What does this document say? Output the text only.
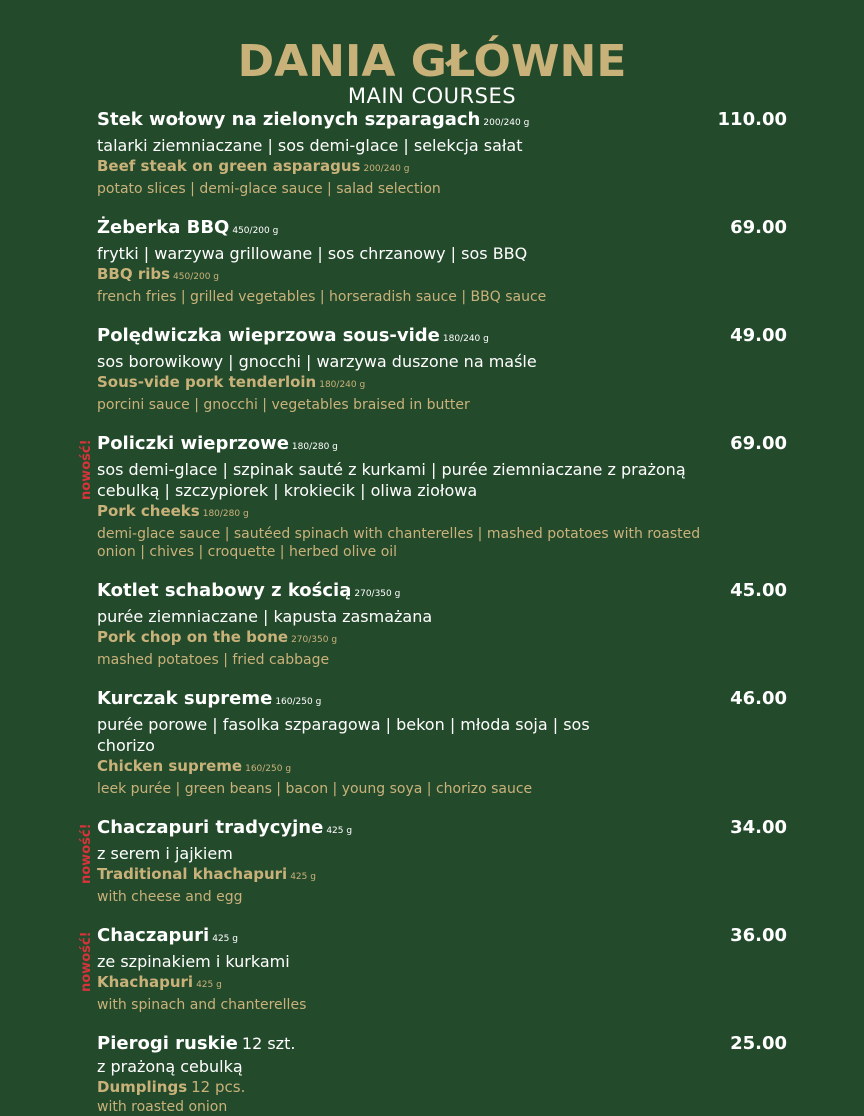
DANIA GŁÓWNE
MAIN COURSES
Stek wołowy na zielonych szparagach 200/240 g	110.00
talarki ziemniaczane | sos demi-glace | selekcja sałat
Beef steak on green asparagus 200/240 g
potato slices | demi-glace sauce | salad selection
Żeberka BBQ 450/200 g	69.00
frytki | warzywa grillowane | sos chrzanowy | sos BBQ
BBQ ribs 450/200 g
french fries | grilled vegetables | horseradish sauce | BBQ sauce
Polędwiczka wieprzowa sous-vide 180/240 g	49.00
sos borowikowy | gnocchi | warzywa duszone na maśle
Sous-vide pork tenderloin 180/240 g
porcini sauce | gnocchi | vegetables braised in butter
nowość! Policzki wieprzowe 180/280 g	69.00
sos demi-glace | szpinak sauté z kurkami | purée ziemniaczane z prażoną cebulką | szczypiorek | krokiecik | oliwa ziołowa
Pork cheeks 180/280 g
demi-glace sauce | sautéed spinach with chanterelles | mashed potatoes with roasted onion | chives | croquette | herbed olive oil
Kotlet schabowy z kością 270/350 g	45.00
purée ziemniaczane | kapusta zasmażana
Pork chop on the bone 270/350 g
mashed potatoes | fried cabbage
Kurczak supreme 160/250 g	46.00
purée porowe | fasolka szparagowa | bekon | młoda soja | sos chorizo
Chicken supreme 160/250 g
leek purée | green beans | bacon | young soya | chorizo sauce
nowość! Chaczapuri tradycyjne 425 g	34.00
z serem i jajkiem
Traditional khachapuri 425 g
with cheese and egg
nowość! Chaczapuri 425 g	36.00
ze szpinakiem i kurkami
Khachapuri 425 g
with spinach and chanterelles
Pierogi ruskie 12 szt.	25.00
z prażoną cebulką
Dumplings 12 pcs.
with roasted onion
